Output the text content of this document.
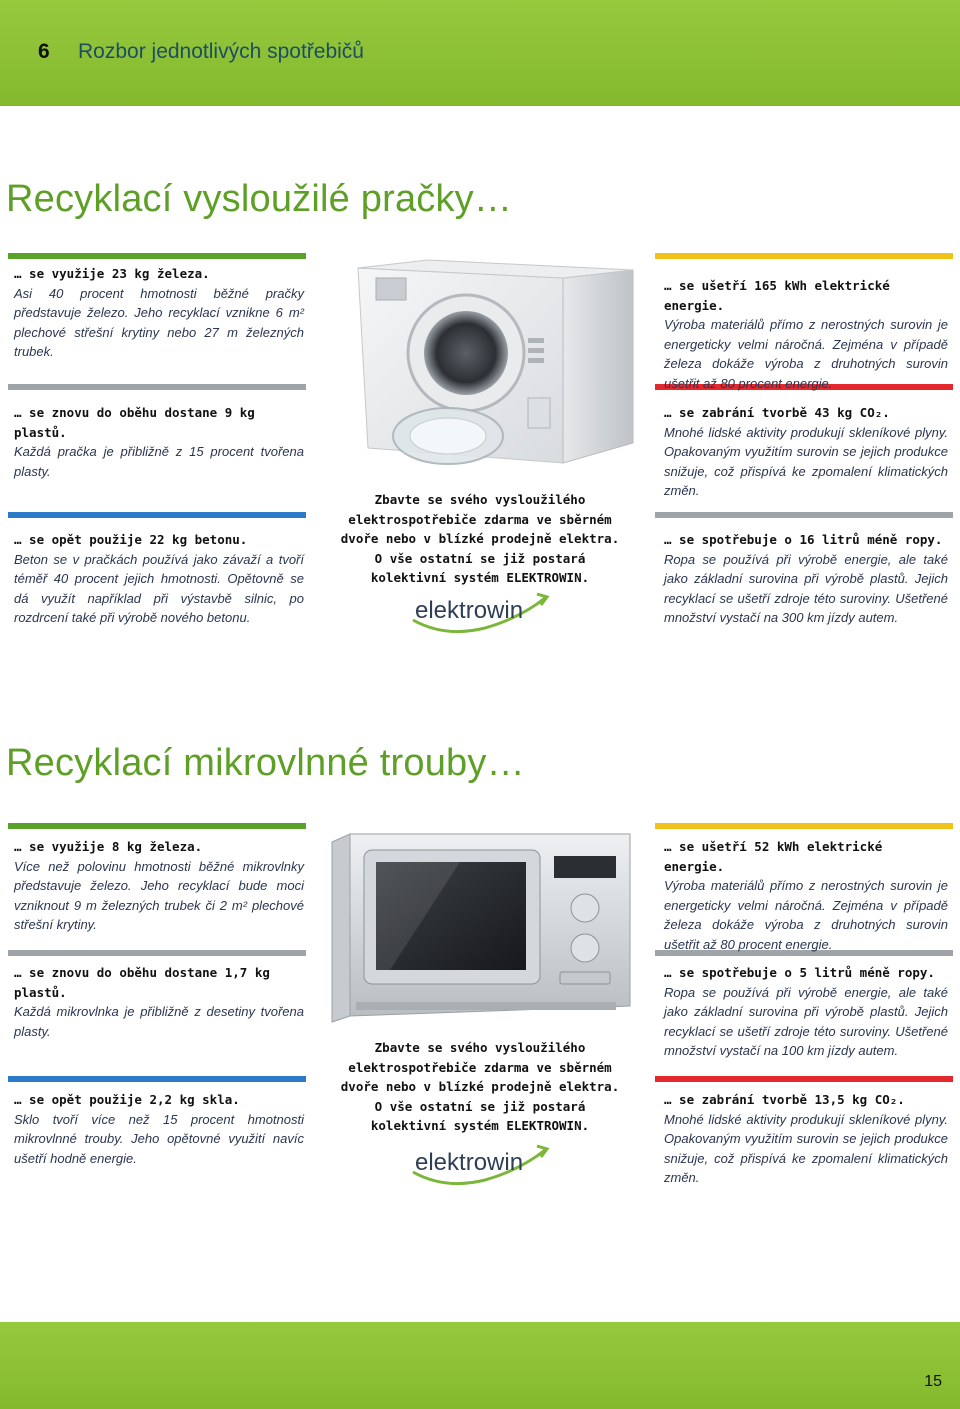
6 Rozbor jednotlivých spotřebičů
Recyklací vysloužilé pračky…
… se využije 23 kg železa.
Asi 40 procent hmotnosti běžné pračky představuje železo. Jeho recyklací vznikne 6 m² plechové střešní krytiny nebo 27 m železných trubek.
… se znovu do oběhu dostane 9 kg plastů.
Každá pračka je přibližně z 15 procent tvořena plasty.
… se opět použije 22 kg betonu.
Beton se v pračkách používá jako závaží a tvoří téměř 40 procent jejich hmotnosti. Opětovně se dá využít například při výstavbě silnic, po rozdrcení také při výrobě nového betonu.
… se ušetří 165 kWh elektrické energie.
Výroba materiálů přímo z nerostných surovin je energeticky velmi náročná. Zejména v případě železa dokáže výroba z druhotných surovin ušetřit až 80 procent energie.
… se zabrání tvorbě 43 kg CO₂.
Mnohé lidské aktivity produkují skleníkové plyny. Opakovaným využitím surovin se jejich produkce snižuje, což přispívá ke zpomalení klimatických změn.
… se spotřebuje o 16 litrů méně ropy.
Ropa se používá při výrobě energie, ale také jako základní surovina při výrobě plastů. Jejich recyklací se ušetří zdroje této suroviny. Ušetřené množství vystačí na 300 km jízdy autem.
Zbavte se svého vysloužilého elektrospotřebiče zdarma ve sběrném dvoře nebo v blízké prodejně elektra. O vše ostatní se již postará kolektivní systém ELEKTROWIN.
elektrowin
Recyklací mikrovlnné trouby…
… se využije 8 kg železa.
Více než polovinu hmotnosti běžné mikrovlnky představuje železo. Jeho recyklací bude moci vzniknout 9 m železných trubek či 2 m² plechové střešní krytiny.
… se znovu do oběhu dostane 1,7 kg plastů.
Každá mikrovlnka je přibližně z desetiny tvořena plasty.
… se opět použije 2,2 kg skla.
Sklo tvoří více než 15 procent hmotnosti mikrovlnné trouby. Jeho opětovné využití navíc ušetří hodně energie.
… se ušetří 52 kWh elektrické energie.
Výroba materiálů přímo z nerostných surovin je energeticky velmi náročná. Zejména v případě železa dokáže výroba z druhotných surovin ušetřit až 80 procent energie.
… se spotřebuje o 5 litrů méně ropy.
Ropa se používá při výrobě energie, ale také jako základní surovina při výrobě plastů. Jejich recyklací se ušetří zdroje této suroviny. Ušetřené množství vystačí na 100 km jízdy autem.
… se zabrání tvorbě 13,5 kg CO₂.
Mnohé lidské aktivity produkují skleníkové plyny. Opakovaným využitím surovin se jejich produkce snižuje, což přispívá ke zpomalení klimatických změn.
Zbavte se svého vysloužilého elektrospotřebiče zdarma ve sběrném dvoře nebo v blízké prodejně elektra. O vše ostatní se již postará kolektivní systém ELEKTROWIN.
elektrowin
15
